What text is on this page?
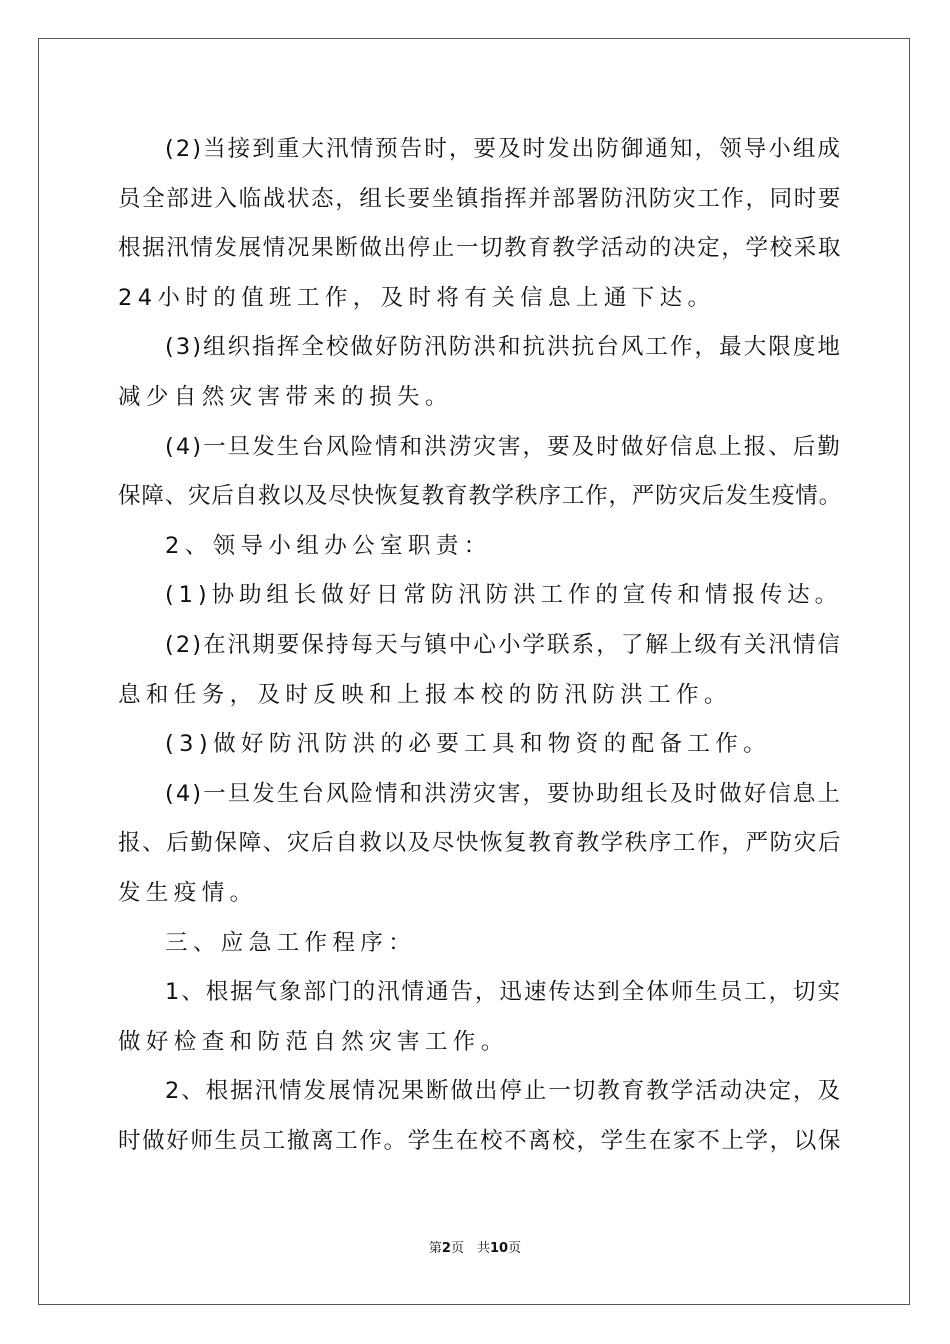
(2)当接到重大汛情预告时，要及时发出防御通知，领导小组成
员全部进入临战状态，组长要坐镇指挥并部署防汛防灾工作，同时要
根据汛情发展情况果断做出停止一切教育教学活动的决定，学校采取
24小时的值班工作，及时将有关信息上通下达。
(3)组织指挥全校做好防汛防洪和抗洪抗台风工作，最大限度地
减少自然灾害带来的损失。
(4)一旦发生台风险情和洪涝灾害，要及时做好信息上报、后勤
保障、灾后自救以及尽快恢复教育教学秩序工作，严防灾后发生疫情。
2、领导小组办公室职责：
(1)协助组长做好日常防汛防洪工作的宣传和情报传达。
(2)在汛期要保持每天与镇中心小学联系，了解上级有关汛情信
息和任务，及时反映和上报本校的防汛防洪工作。
(3)做好防汛防洪的必要工具和物资的配备工作。
(4)一旦发生台风险情和洪涝灾害，要协助组长及时做好信息上
报、后勤保障、灾后自救以及尽快恢复教育教学秩序工作，严防灾后
发生疫情。
三、应急工作程序：
1、根据气象部门的汛情通告，迅速传达到全体师生员工，切实
做好检查和防范自然灾害工作。
2、根据汛情发展情况果断做出停止一切教育教学活动决定，及
时做好师生员工撤离工作。学生在校不离校，学生在家不上学，以保
第2页　共10页
